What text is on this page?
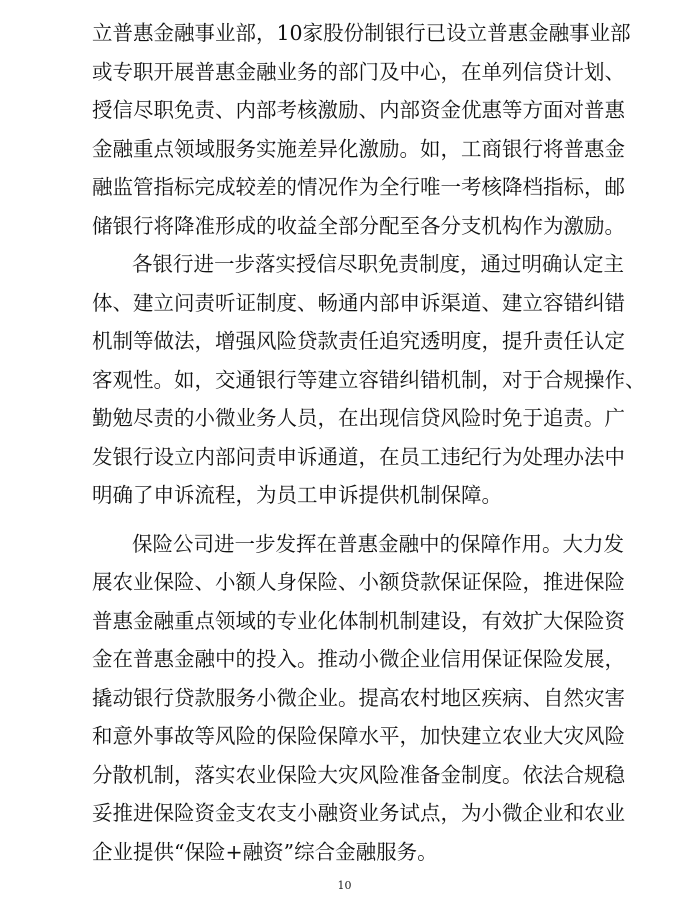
立普惠金融事业部，10家股份制银行已设立普惠金融事业部
或专职开展普惠金融业务的部门及中心，在单列信贷计划、
授信尽职免责、内部考核激励、内部资金优惠等方面对普惠
金融重点领域服务实施差异化激励。如，工商银行将普惠金
融监管指标完成较差的情况作为全行唯一考核降档指标，邮
储银行将降准形成的收益全部分配至各分支机构作为激励。
各银行进一步落实授信尽职免责制度，通过明确认定主
体、建立问责听证制度、畅通内部申诉渠道、建立容错纠错
机制等做法，增强风险贷款责任追究透明度，提升责任认定
客观性。如，交通银行等建立容错纠错机制，对于合规操作、
勤勉尽责的小微业务人员，在出现信贷风险时免于追责。广
发银行设立内部问责申诉通道，在员工违纪行为处理办法中
明确了申诉流程，为员工申诉提供机制保障。
保险公司进一步发挥在普惠金融中的保障作用。大力发
展农业保险、小额人身保险、小额贷款保证保险，推进保险
普惠金融重点领域的专业化体制机制建设，有效扩大保险资
金在普惠金融中的投入。推动小微企业信用保证保险发展，
撬动银行贷款服务小微企业。提高农村地区疾病、自然灾害
和意外事故等风险的保险保障水平，加快建立农业大灾风险
分散机制，落实农业保险大灾风险准备金制度。依法合规稳
妥推进保险资金支农支小融资业务试点，为小微企业和农业
企业提供“保险+融资”综合金融服务。
10
